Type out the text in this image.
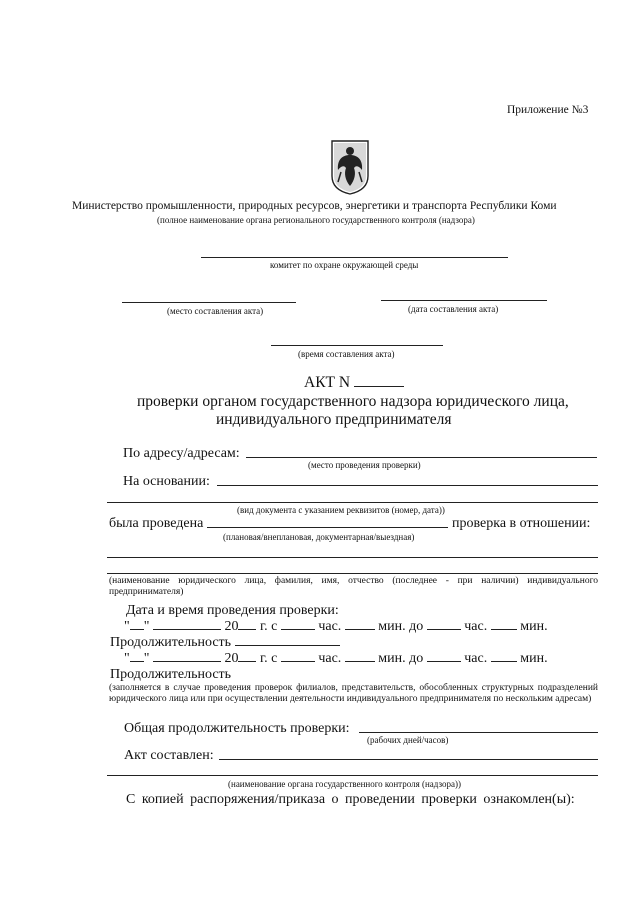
Приложение №3
Министерство промышленности, природных ресурсов, энергетики и транспорта Республики Коми
(полное наименование органа регионального государственного контроля (надзора)
комитет по охране окружающей среды
(место составления акта)	(дата составления акта)
(время составления акта)
АКТ N
проверки органом государственного надзора юридического лица,
индивидуального предпринимателя
По адресу/адресам:
(место проведения проверки)
На основании:
(вид документа с указанием реквизитов (номер, дата))
была проведена	проверка в отношении:
(плановая/внеплановая, документарная/выездная)
(наименование юридического лица, фамилия, имя, отчество (последнее - при наличии) индивидуального предпринимателя)
Дата и время проведения проверки:
" "	20 г. с	час.	мин. до	час. мин.
Продолжительность
" "	20 г. с	час.	мин. до	час. мин.
Продолжительность
(заполняется в случае проведения проверок филиалов, представительств, обособленных структурных подразделений юридического лица или при осуществлении деятельности индивидуального предпринимателя по нескольким адресам)
Общая продолжительность проверки:
(рабочих дней/часов)
Акт составлен:
(наименование органа государственного контроля (надзора))
С копией распоряжения/приказа о проведении проверки ознакомлен(ы):
